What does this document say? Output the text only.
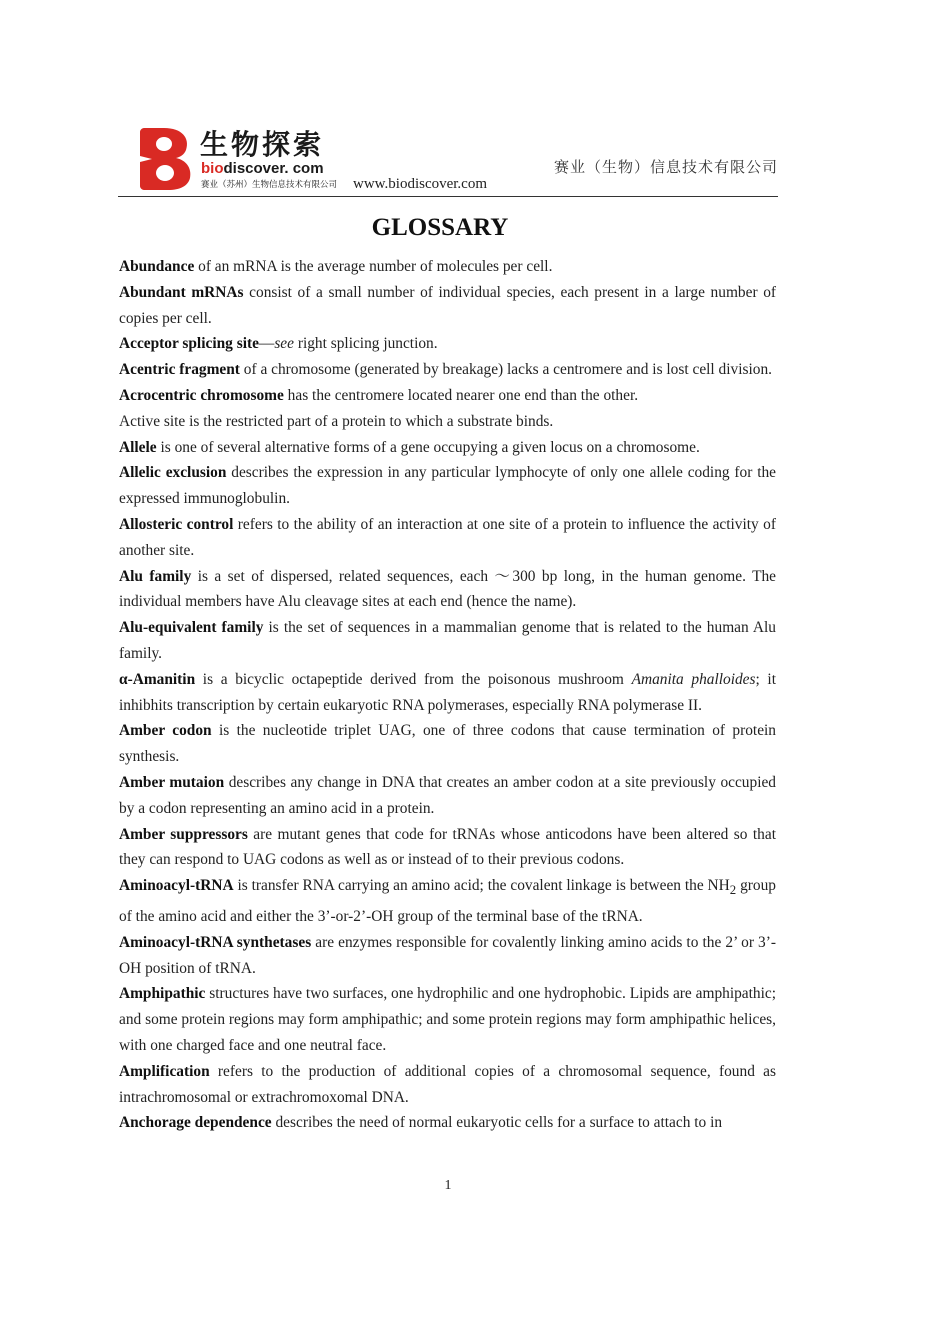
生物探索
biodiscover. com
赛业（苏州）生物信息技术有限公司 www.biodiscover.com
赛业（生物）信息技术有限公司
GLOSSARY

Abundance of an mRNA is the average number of molecules per cell.

Abundant mRNAs consist of a small number of individual species, each present in a large number of copies per cell.

Acceptor splicing site—see right splicing junction.

Acentric fragment of a chromosome (generated by breakage) lacks a centromere and is lost cell division.

Acrocentric chromosome has the centromere located nearer one end than the other.

Active site is the restricted part of a protein to which a substrate binds.

Allele is one of several alternative forms of a gene occupying a given locus on a chromosome.

Allelic exclusion describes the expression in any particular lymphocyte of only one allele coding for the expressed immunoglobulin.

Allosteric control refers to the ability of an interaction at one site of a protein to influence the activity of another site.

Alu family is a set of dispersed, related sequences, each ～300 bp long, in the human genome. The individual members have Alu cleavage sites at each end (hence the name).

Alu-equivalent family is the set of sequences in a mammalian genome that is related to the human Alu family.

α-Amanitin is a bicyclic octapeptide derived from the poisonous mushroom Amanita phalloides; it inhibhits transcription by certain eukaryotic RNA polymerases, especially RNA polymerase II.

Amber codon is the nucleotide triplet UAG, one of three codons that cause termination of protein synthesis.

Amber mutaion describes any change in DNA that creates an amber codon at a site previously occupied by a codon representing an amino acid in a protein.

Amber suppressors are mutant genes that code for tRNAs whose anticodons have been altered so that they can respond to UAG codons as well as or instead of to their previous codons.

Aminoacyl-tRNA is transfer RNA carrying an amino acid; the covalent linkage is between the $NH_2$ group of the amino acid and either the 3’-or-2’-OH group of the terminal base of the tRNA.

Aminoacyl-tRNA synthetases are enzymes responsible for covalently linking amino acids to the 2’ or 3’-OH position of tRNA.

Amphipathic structures have two surfaces, one hydrophilic and one hydrophobic. Lipids are amphipathic; and some protein regions may form amphipathic; and some protein regions may form amphipathic helices, with one charged face and one neutral face.

Amplification refers to the production of additional copies of a chromosomal sequence, found as intrachromosomal or extrachromoxomal DNA.

Anchorage dependence describes the need of normal eukaryotic cells for a surface to attach to in

1
